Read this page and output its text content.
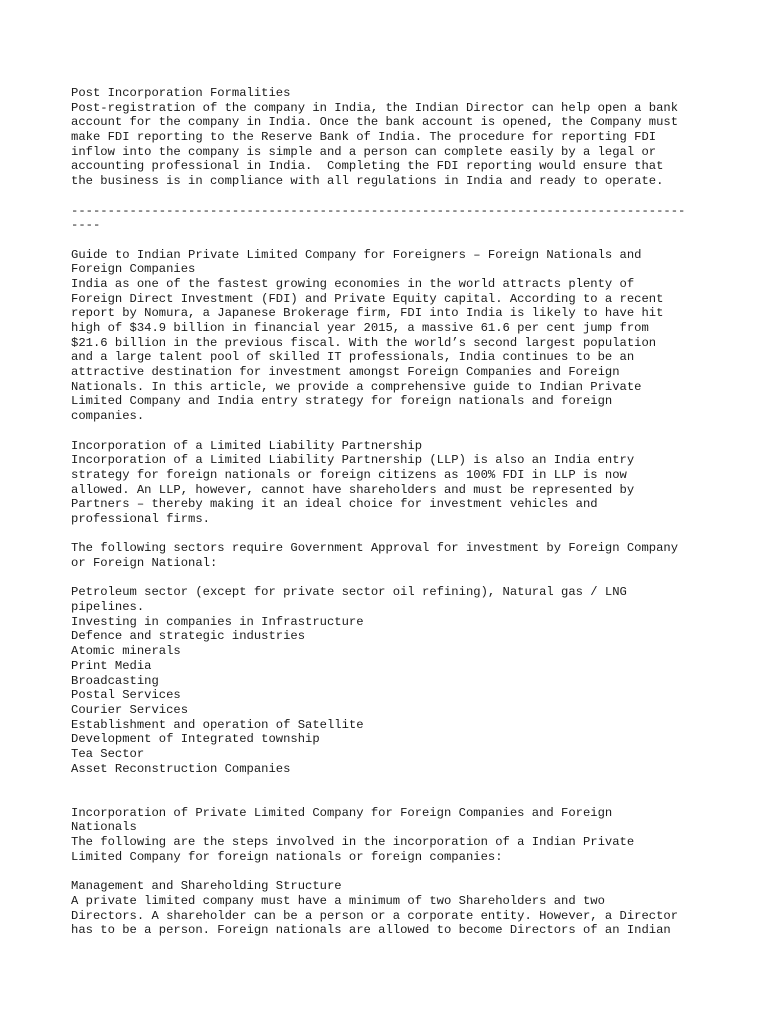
Post Incorporation Formalities
Post-registration of the company in India, the Indian Director can help open a bank
account for the company in India. Once the bank account is opened, the Company must
make FDI reporting to the Reserve Bank of India. The procedure for reporting FDI
inflow into the company is simple and a person can complete easily by a legal or
accounting professional in India.  Completing the FDI reporting would ensure that
the business is in compliance with all regulations in India and ready to operate.
------------------------------------------------------------------------------------
----
Guide to Indian Private Limited Company for Foreigners – Foreign Nationals and
Foreign Companies
India as one of the fastest growing economies in the world attracts plenty of
Foreign Direct Investment (FDI) and Private Equity capital. According to a recent
report by Nomura, a Japanese Brokerage firm, FDI into India is likely to have hit
high of $34.9 billion in financial year 2015, a massive 61.6 per cent jump from
$21.6 billion in the previous fiscal. With the world’s second largest population
and a large talent pool of skilled IT professionals, India continues to be an
attractive destination for investment amongst Foreign Companies and Foreign
Nationals. In this article, we provide a comprehensive guide to Indian Private
Limited Company and India entry strategy for foreign nationals and foreign
companies.
Incorporation of a Limited Liability Partnership
Incorporation of a Limited Liability Partnership (LLP) is also an India entry
strategy for foreign nationals or foreign citizens as 100% FDI in LLP is now
allowed. An LLP, however, cannot have shareholders and must be represented by
Partners – thereby making it an ideal choice for investment vehicles and
professional firms.
The following sectors require Government Approval for investment by Foreign Company
or Foreign National:
Petroleum sector (except for private sector oil refining), Natural gas / LNG
pipelines.
Investing in companies in Infrastructure
Defence and strategic industries
Atomic minerals
Print Media
Broadcasting
Postal Services
Courier Services
Establishment and operation of Satellite
Development of Integrated township
Tea Sector
Asset Reconstruction Companies
Incorporation of Private Limited Company for Foreign Companies and Foreign
Nationals
The following are the steps involved in the incorporation of a Indian Private
Limited Company for foreign nationals or foreign companies:
Management and Shareholding Structure
A private limited company must have a minimum of two Shareholders and two
Directors. A shareholder can be a person or a corporate entity. However, a Director
has to be a person. Foreign nationals are allowed to become Directors of an Indian
